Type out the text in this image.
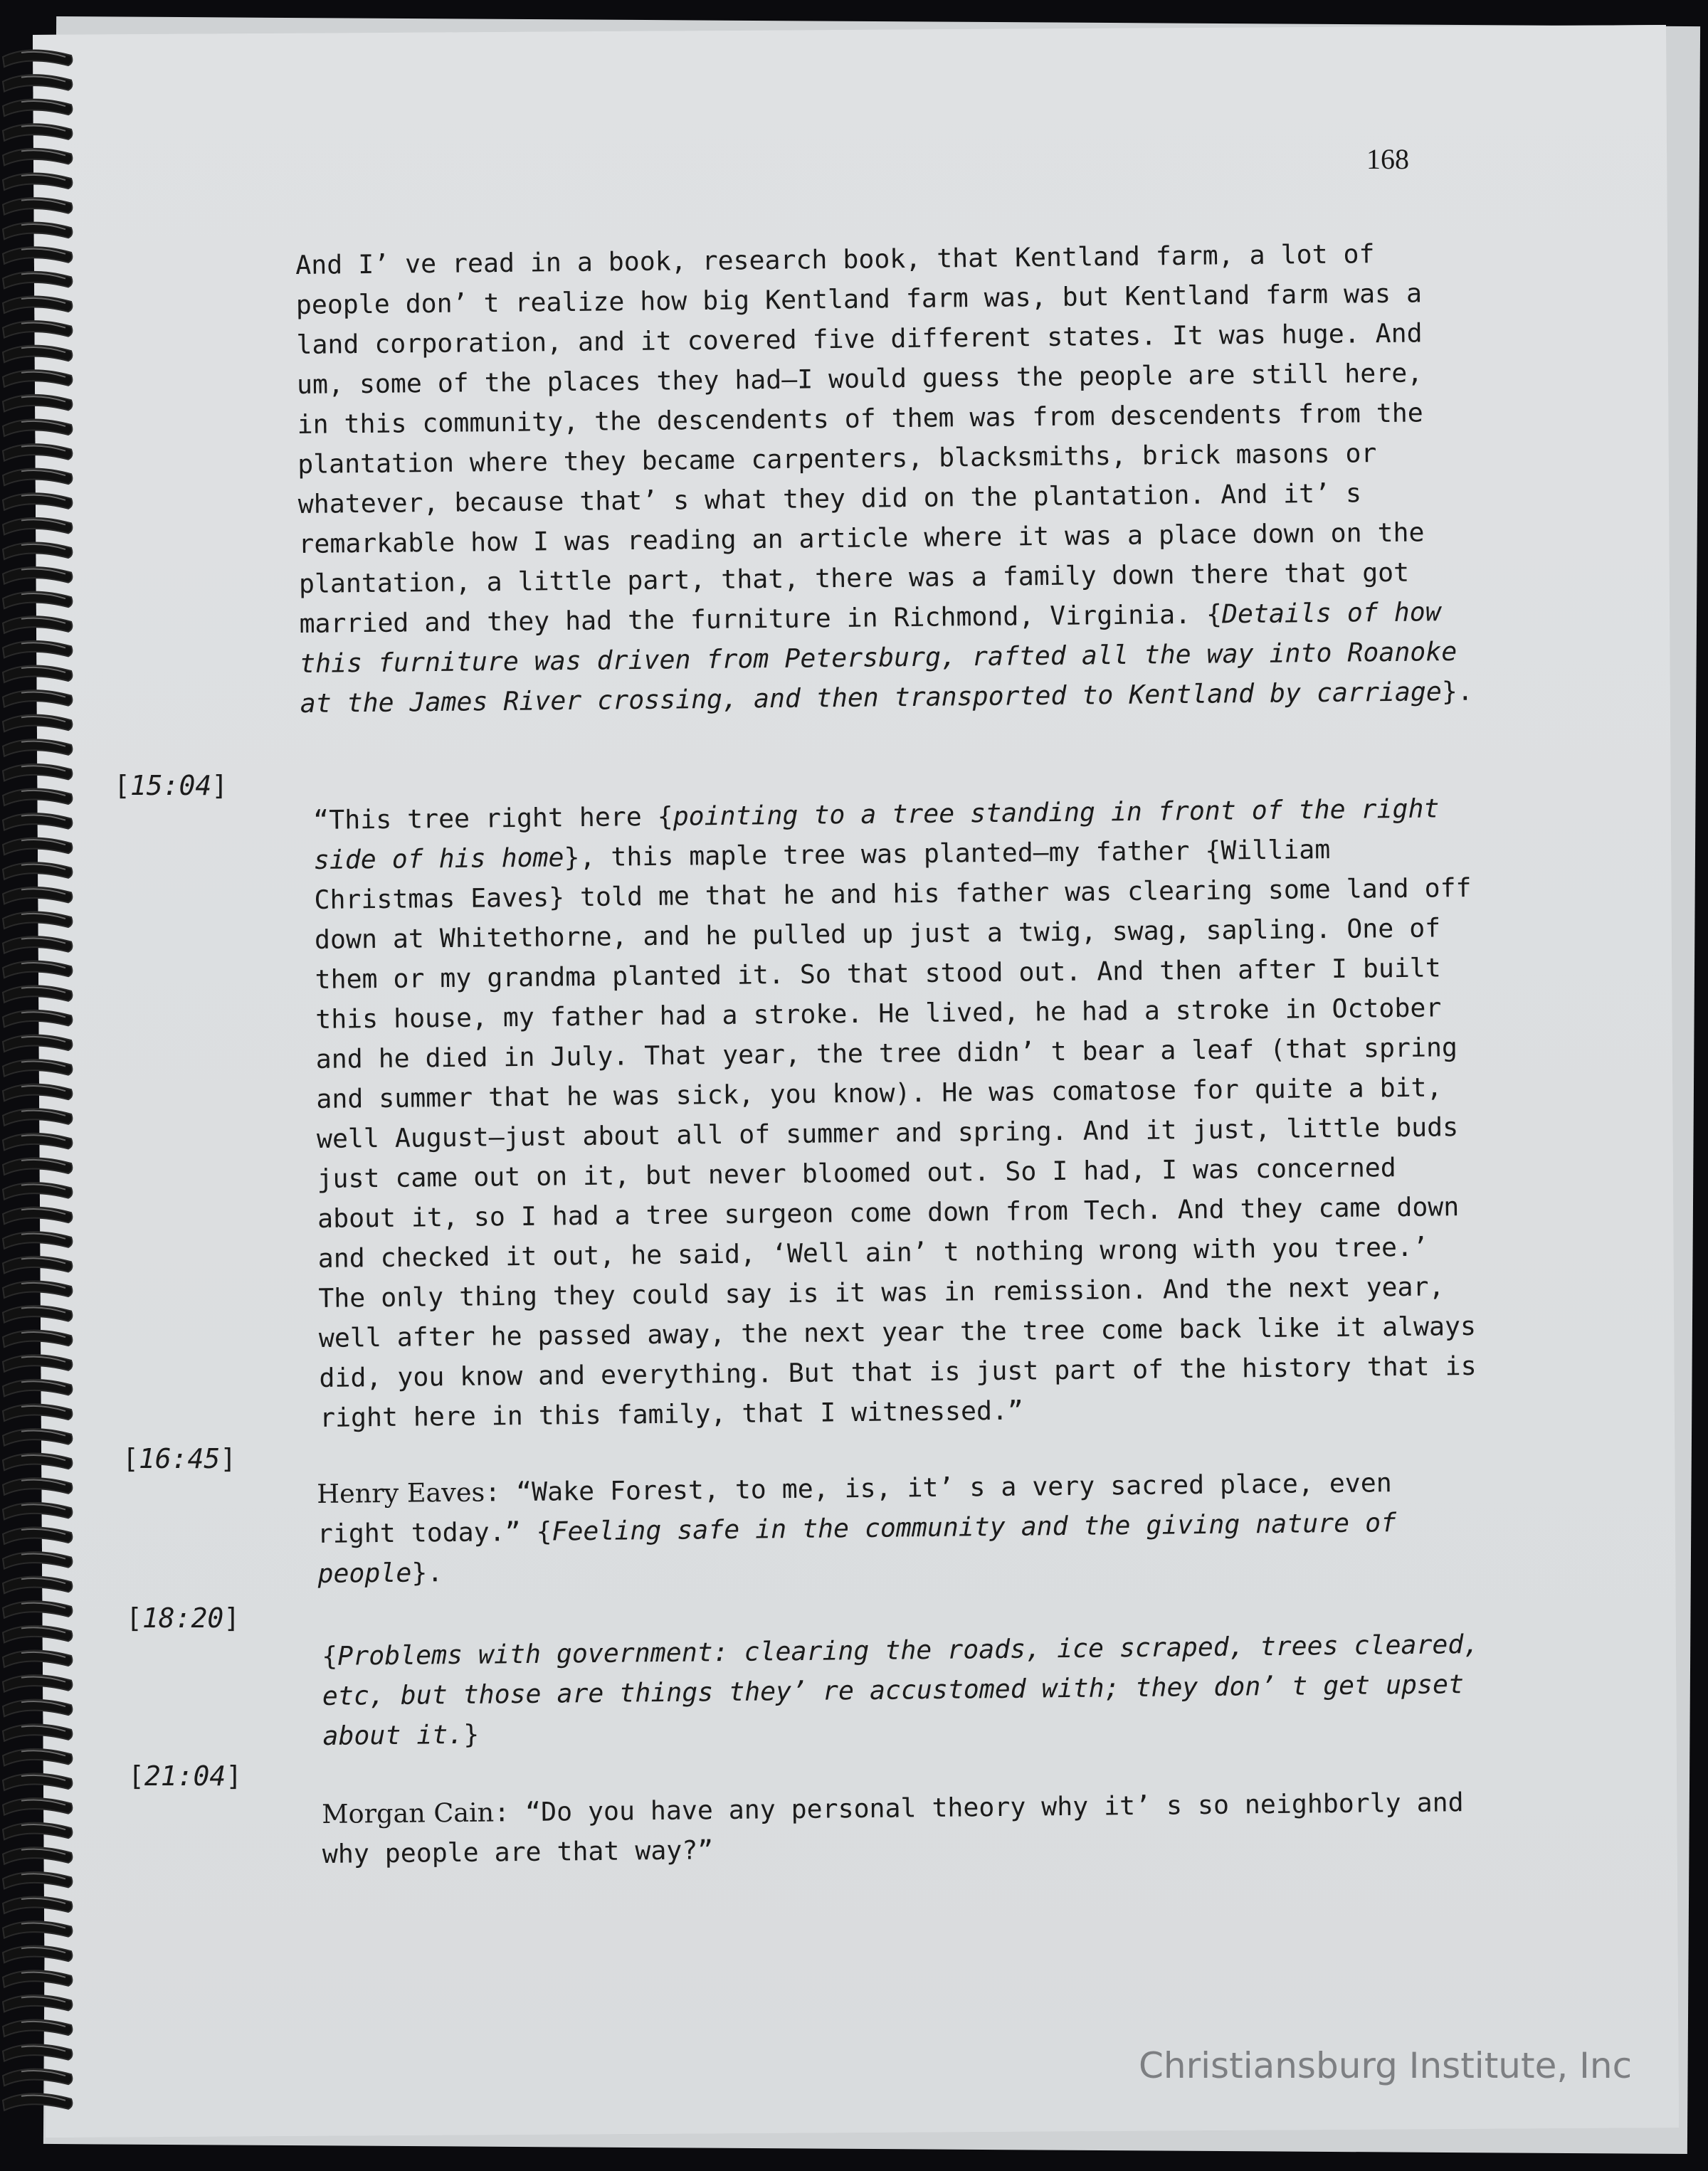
168
And I’ ve read in a book, research book, that Kentland farm, a lot of
people don’ t realize how big Kentland farm was, but Kentland farm was a
land corporation, and it covered five different states. It was huge. And
um, some of the places they had—I would guess the people are still here,
in this community, the descendents of them was from descendents from the
plantation where they became carpenters, blacksmiths, brick masons or
whatever, because that’ s what they did on the plantation. And it’ s
remarkable how I was reading an article where it was a place down on the
plantation, a little part, that, there was a family down there that got
married and they had the furniture in Richmond, Virginia. {Details of how
this furniture was driven from Petersburg, rafted all the way into Roanoke
at the James River crossing, and then transported to Kentland by carriage}.
[15:04]
“This tree right here {pointing to a tree standing in front of the right
side of his home}, this maple tree was planted—my father {William
Christmas Eaves} told me that he and his father was clearing some land off
down at Whitethorne, and he pulled up just a twig, swag, sapling. One of
them or my grandma planted it. So that stood out. And then after I built
this house, my father had a stroke. He lived, he had a stroke in October
and he died in July. That year, the tree didn’ t bear a leaf (that spring
and summer that he was sick, you know). He was comatose for quite a bit,
well August—just about all of summer and spring. And it just, little buds
just came out on it, but never bloomed out. So I had, I was concerned
about it, so I had a tree surgeon come down from Tech. And they came down
and checked it out, he said, ‘Well ain’ t nothing wrong with you tree.’
The only thing they could say is it was in remission. And the next year,
well after he passed away, the next year the tree come back like it always
did, you know and everything. But that is just part of the history that is
right here in this family, that I witnessed.”
[16:45]
Henry Eaves: “Wake Forest, to me, is, it’ s a very sacred place, even
right today.” {Feeling safe in the community and the giving nature of
people}.
[18:20]
{Problems with government: clearing the roads, ice scraped, trees cleared,
etc, but those are things they’ re accustomed with; they don’ t get upset
about it.}
[21:04]
Morgan Cain: “Do you have any personal theory why it’ s so neighborly and
why people are that way?”
Christiansburg Institute, Inc
